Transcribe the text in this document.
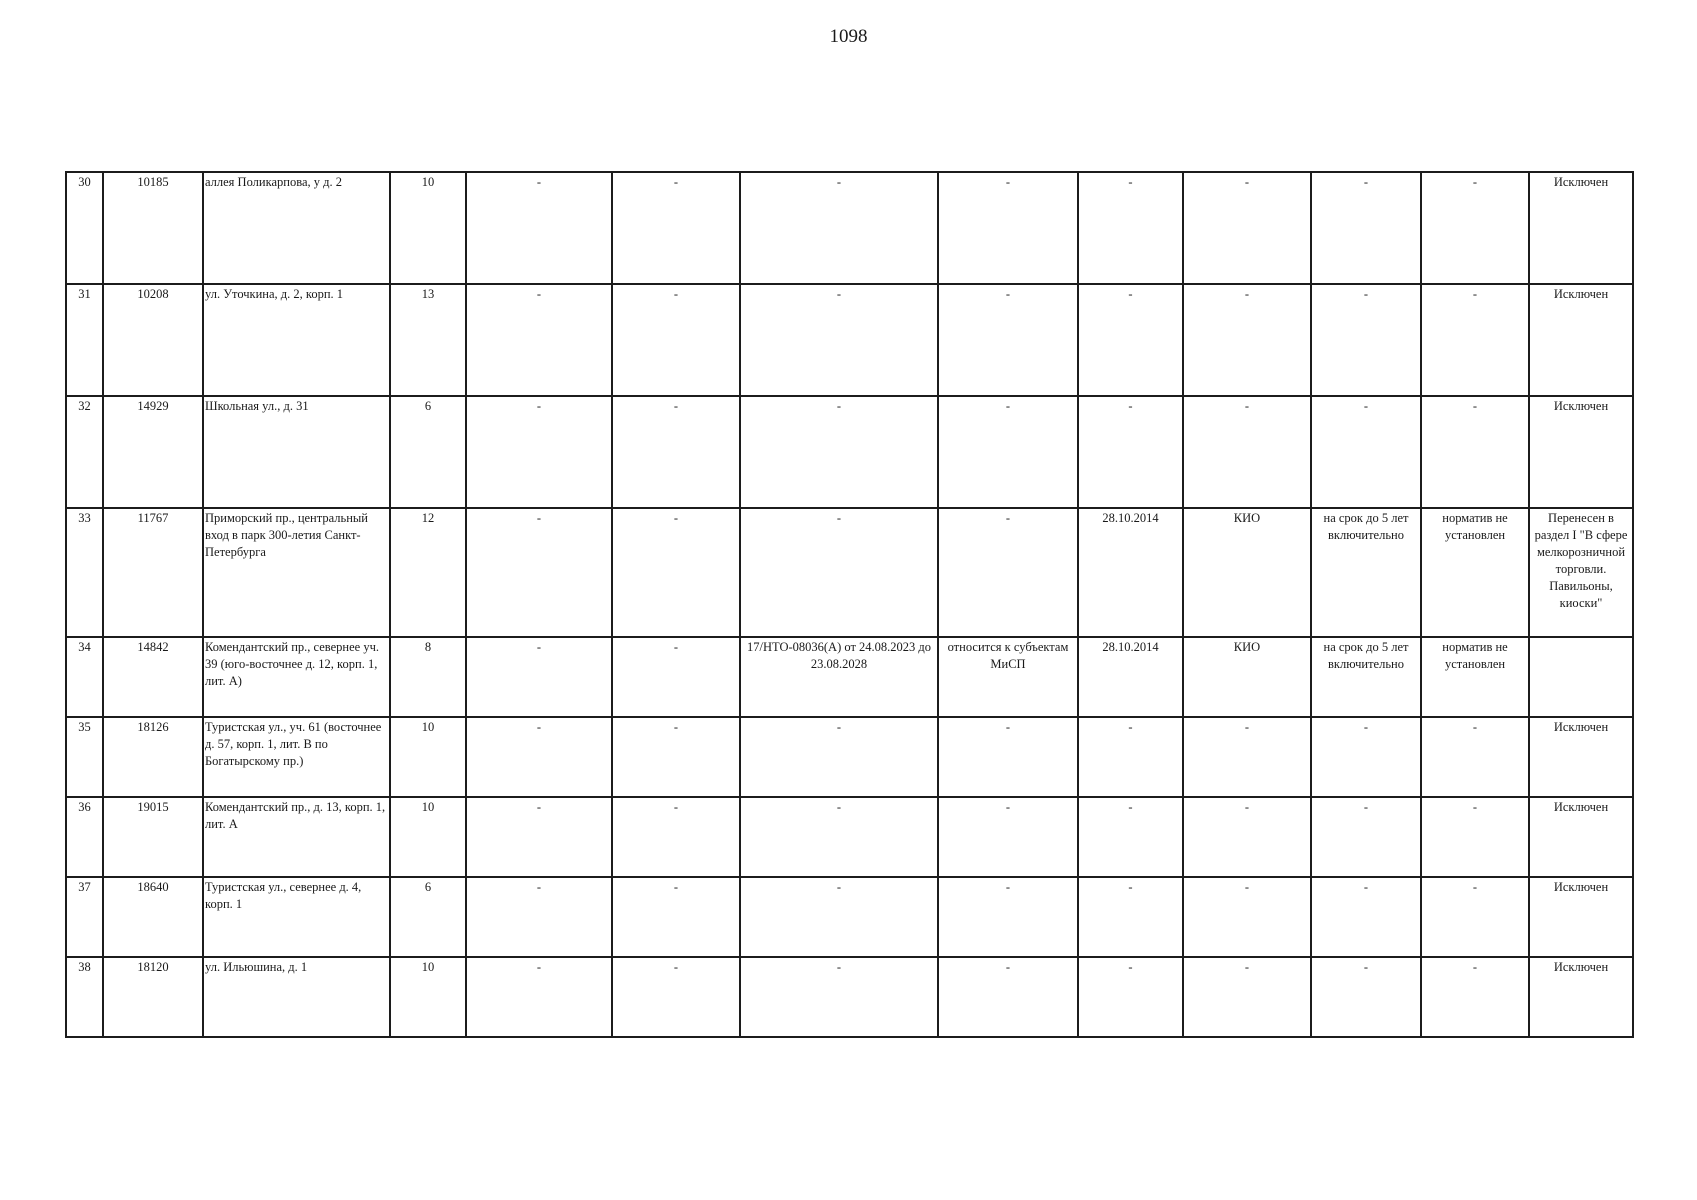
1098
30	10185	аллея Поликарпова, у д. 2	10	-	-	-	-	-	-	-	-	Исключен
31	10208	ул. Уточкина, д. 2, корп. 1	13	-	-	-	-	-	-	-	-	Исключен
32	14929	Школьная ул., д. 31	6	-	-	-	-	-	-	-	-	Исключен
33	11767	Приморский пр., центральный вход в парк 300-летия Санкт-Петербурга	12	-	-	-	-	28.10.2014	КИО	на срок до 5 лет включительно	норматив не установлен	Перенесен в раздел I "В сфере мелкорозничной торговли. Павильоны, киоски"
34	14842	Комендантский пр., севернее уч. 39 (юго-восточнее д. 12, корп. 1, лит. А)	8	-	-	17/НТО-08036(А) от 24.08.2023 до 23.08.2028	относится к субъектам МиСП	28.10.2014	КИО	на срок до 5 лет включительно	норматив не установлен	
35	18126	Туристская ул., уч. 61 (восточнее д. 57, корп. 1, лит. В по Богатырскому пр.)	10	-	-	-	-	-	-	-	-	Исключен
36	19015	Комендантский пр., д. 13, корп. 1, лит. А	10	-	-	-	-	-	-	-	-	Исключен
37	18640	Туристская ул., севернее д. 4, корп. 1	6	-	-	-	-	-	-	-	-	Исключен
38	18120	ул. Ильюшина, д. 1	10	-	-	-	-	-	-	-	-	Исключен
